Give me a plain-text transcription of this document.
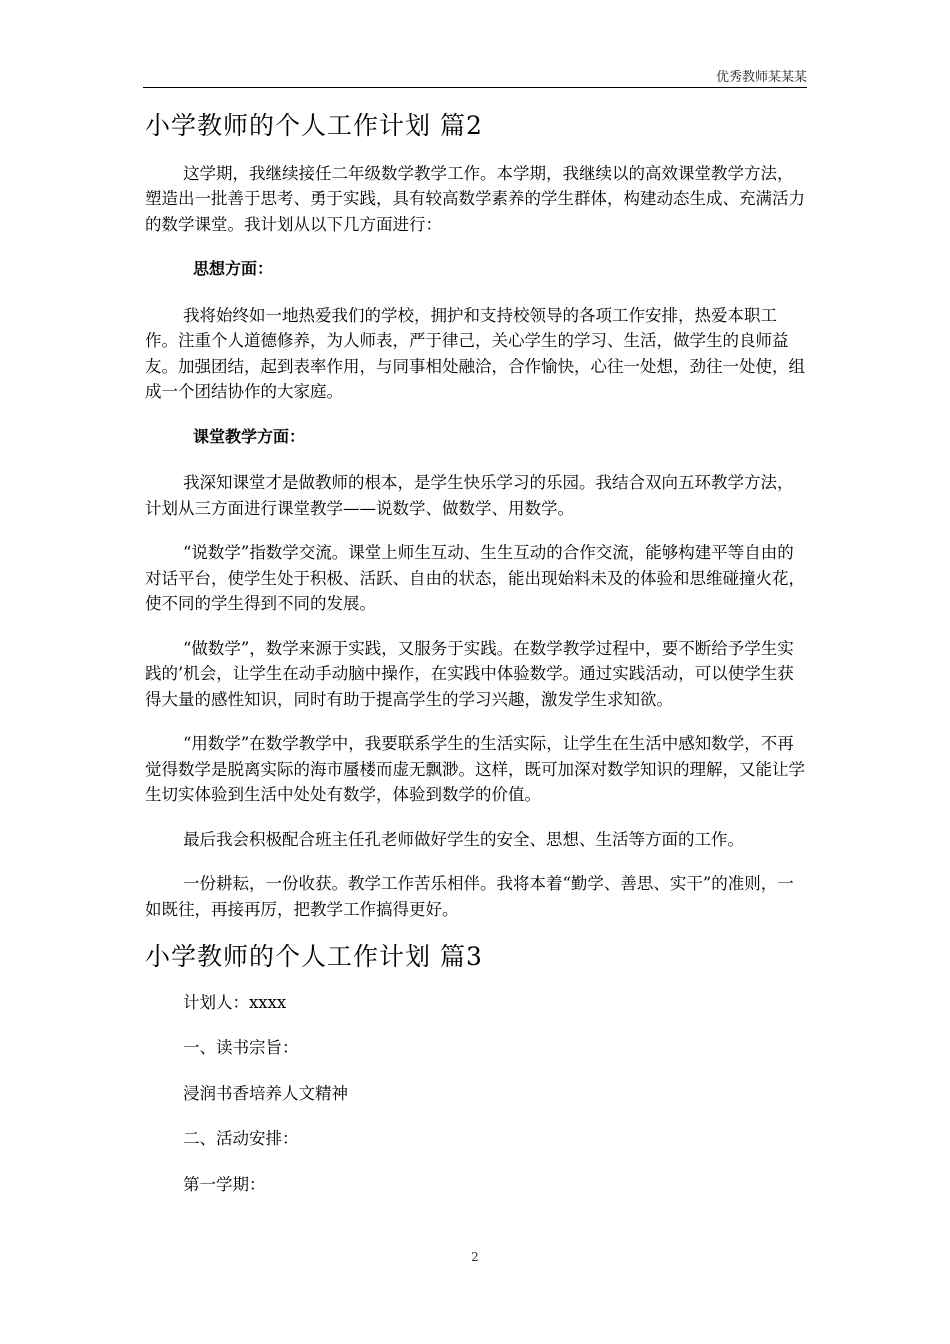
优秀教师某某某
小学教师的个人工作计划 篇2

这学期，我继续接任二年级数学教学工作。本学期，我继续以的高效课堂教学方法，塑造出一批善于思考、勇于实践，具有较高数学素养的学生群体，构建动态生成、充满活力的数学课堂。我计划从以下几方面进行：

思想方面：

我将始终如一地热爱我们的学校，拥护和支持校领导的各项工作安排，热爱本职工作。注重个人道德修养，为人师表，严于律己，关心学生的学习、生活，做学生的良师益友。加强团结，起到表率作用，与同事相处融洽，合作愉快，心往一处想，劲往一处使，组成一个团结协作的大家庭。

课堂教学方面：

我深知课堂才是做教师的根本，是学生快乐学习的乐园。我结合双向五环教学方法，计划从三方面进行课堂教学——说数学、做数学、用数学。

“说数学”指数学交流。课堂上师生互动、生生互动的合作交流，能够构建平等自由的对话平台，使学生处于积极、活跃、自由的状态，能出现始料未及的体验和思维碰撞火花，使不同的学生得到不同的发展。

“做数学”，数学来源于实践，又服务于实践。在数学教学过程中，要不断给予学生实践的’机会，让学生在动手动脑中操作，在实践中体验数学。通过实践活动，可以使学生获得大量的感性知识，同时有助于提高学生的学习兴趣，激发学生求知欲。

“用数学”在数学教学中，我要联系学生的生活实际，让学生在生活中感知数学，不再觉得数学是脱离实际的海市蜃楼而虚无飘渺。这样，既可加深对数学知识的理解，又能让学生切实体验到生活中处处有数学，体验到数学的价值。

最后我会积极配合班主任孔老师做好学生的安全、思想、生活等方面的工作。

一份耕耘，一份收获。教学工作苦乐相伴。我将本着“勤学、善思、实干”的准则，一如既往，再接再厉，把教学工作搞得更好。

小学教师的个人工作计划 篇3
计划人：xxxx
一、读书宗旨：
浸润书香培养人文精神
二、活动安排：
第一学期：
2
